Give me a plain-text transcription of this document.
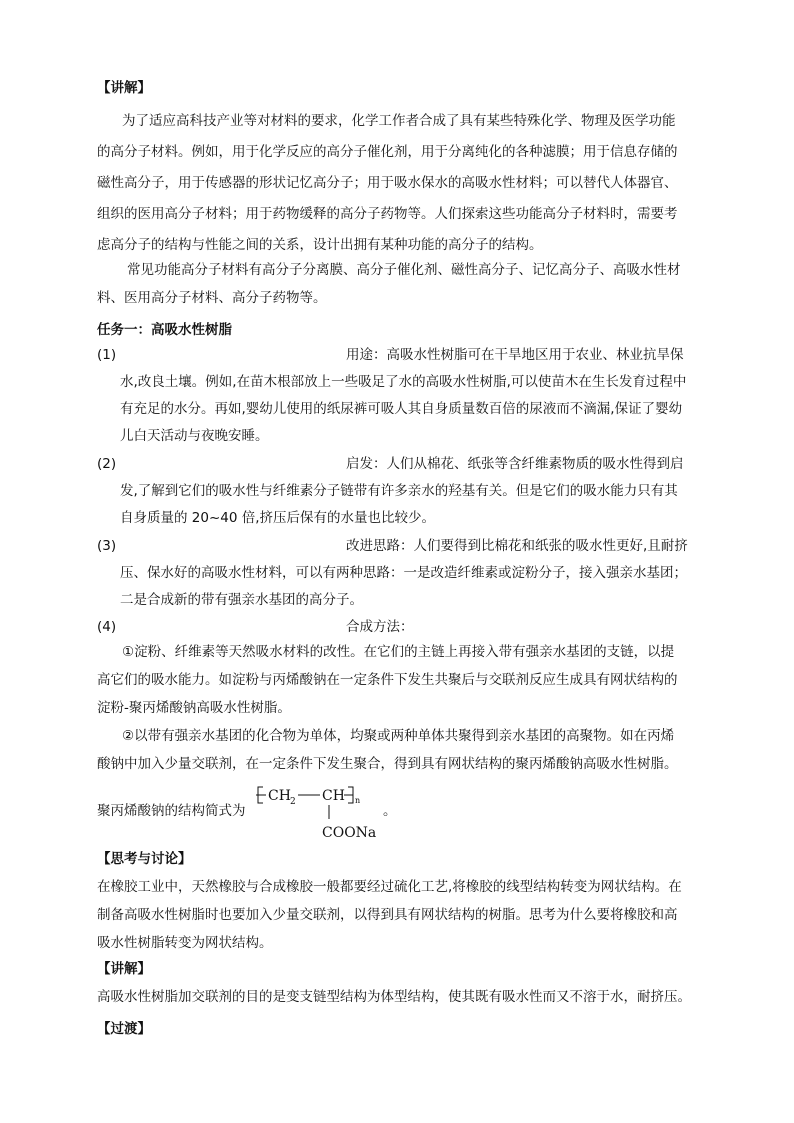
【讲解】
为了适应高科技产业等对材料的要求，化学工作者合成了具有某些特殊化学、物理及医学功能
的高分子材料。例如，用于化学反应的高分子催化剂，用于分离纯化的各种滤膜；用于信息存储的
磁性高分子，用于传感器的形状记忆高分子；用于吸水保水的高吸水性材料；可以替代人体器官、
组织的医用高分子材料；用于药物缓释的高分子药物等。人们探索这些功能高分子材料时，需要考
虑高分子的结构与性能之间的关系，设计出拥有某种功能的高分子的结构。
常见功能高分子材料有高分子分离膜、高分子催化剂、磁性高分子、记忆高分子、高吸水性材
料、医用高分子材料、高分子药物等。
任务一：高吸水性树脂
(1)	用途：高吸水性树脂可在干旱地区用于农业、林业抗旱保
水,改良土壤。例如,在苗木根部放上一些吸足了水的高吸水性树脂,可以使苗木在生长发育过程中
有充足的水分。再如,婴幼儿使用的纸尿裤可吸人其自身质量数百倍的尿液而不滴漏,保证了婴幼
儿白天活动与夜晚安睡。
(2)	启发：人们从棉花、纸张等含纤维素物质的吸水性得到启
发,了解到它们的吸水性与纤维素分子链带有许多亲水的羟基有关。但是它们的吸水能力只有其
自身质量的 20~40 倍,挤压后保有的水量也比较少。
(3)	改进思路：人们要得到比棉花和纸张的吸水性更好,且耐挤
压、保水好的高吸水性材料，可以有两种思路：一是改造纤维素或淀粉分子，接入强亲水基团；
二是合成新的带有强亲水基团的高分子。
(4)	合成方法：
①淀粉、纤维素等天然吸水材料的改性。在它们的主链上再接入带有强亲水基团的支链，以提
高它们的吸水能力。如淀粉与丙烯酸钠在一定条件下发生共聚后与交联剂反应生成具有网状结构的
淀粉-聚丙烯酸钠高吸水性树脂。
②以带有强亲水基团的化合物为单体，均聚或两种单体共聚得到亲水基团的高聚物。如在丙烯
酸钠中加入少量交联剂，在一定条件下发生聚合，得到具有网状结构的聚丙烯酸钠高吸水性树脂。
聚丙烯酸钠的结构简式为
CH 2 CH n
COONa
。
【思考与讨论】
在橡胶工业中，天然橡胶与合成橡胶一般都要经过硫化工艺,将橡胶的线型结构转变为网状结构。在
制备高吸水性树脂时也要加入少量交联剂，以得到具有网状结构的树脂。思考为什么要将橡胶和高
吸水性树脂转变为网状结构。
【讲解】
高吸水性树脂加交联剂的目的是变支链型结构为体型结构，使其既有吸水性而又不溶于水，耐挤压。
【过渡】
